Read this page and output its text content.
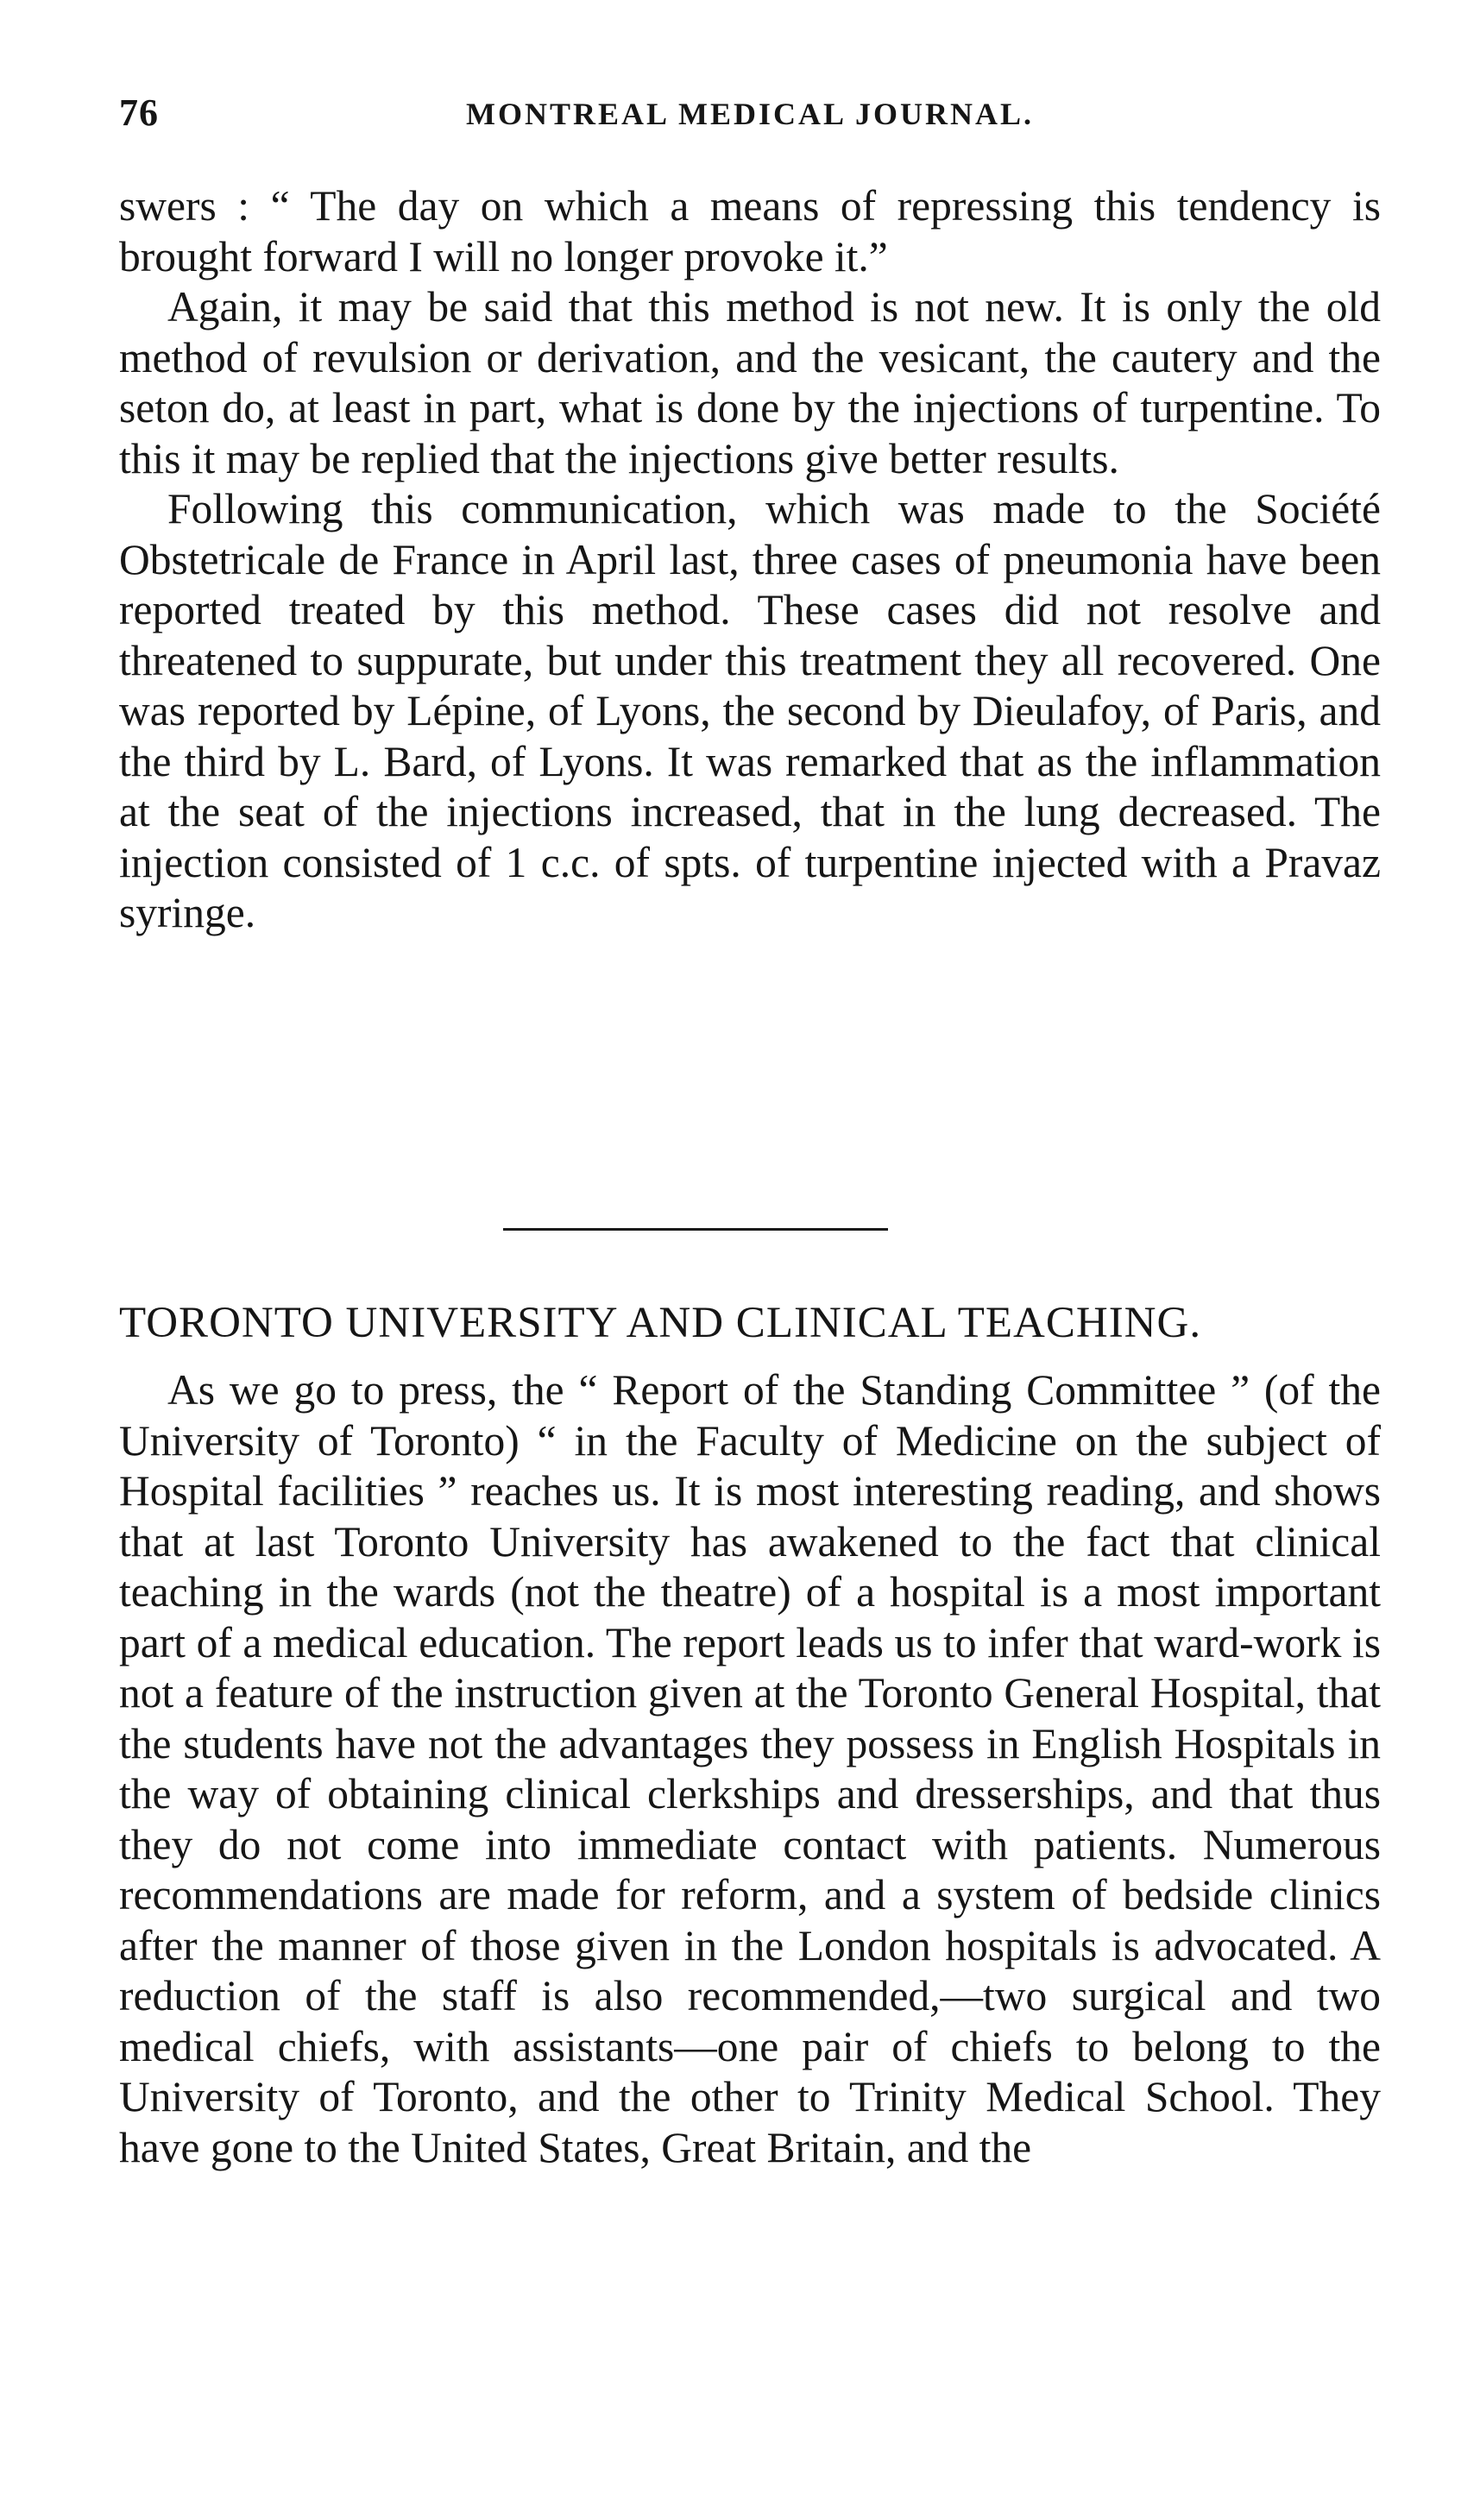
76	MONTREAL MEDICAL JOURNAL.

swers : “ The day on which a means of repressing this tendency is brought forward I will no longer provoke it.”

Again, it may be said that this method is not new. It is only the old method of revulsion or derivation, and the vesicant, the cautery and the seton do, at least in part, what is done by the injections of turpentine. To this it may be replied that the injections give better results.

Following this communication, which was made to the Société Obstetricale de France in April last, three cases of pneumonia have been reported treated by this method. These cases did not resolve and threatened to suppurate, but under this treatment they all recovered. One was reported by Lépine, of Lyons, the second by Dieulafoy, of Paris, and the third by L. Bard, of Lyons. It was remarked that as the inflammation at the seat of the injections increased, that in the lung decreased. The injection consisted of 1 c.c. of spts. of turpentine injected with a Pravaz syringe.

TORONTO UNIVERSITY AND CLINICAL TEACHING.

As we go to press, the “ Report of the Standing Committee ” (of the University of Toronto) “ in the Faculty of Medicine on the subject of Hospital facilities ” reaches us. It is most interesting reading, and shows that at last Toronto University has awakened to the fact that clinical teaching in the wards (not the theatre) of a hospital is a most important part of a medical education. The report leads us to infer that ward-work is not a feature of the instruction given at the Toronto General Hospital, that the students have not the advantages they possess in English Hospitals in the way of obtaining clinical clerkships and dresserships, and that thus they do not come into immediate contact with patients. Numerous recommendations are made for reform, and a system of bedside clinics after the manner of those given in the London hospitals is advocated. A reduction of the staff is also recommended,—two surgical and two medical chiefs, with assistants—one pair of chiefs to belong to the University of Toronto, and the other to Trinity Medical School. They have gone to the United States, Great Britain, and the
